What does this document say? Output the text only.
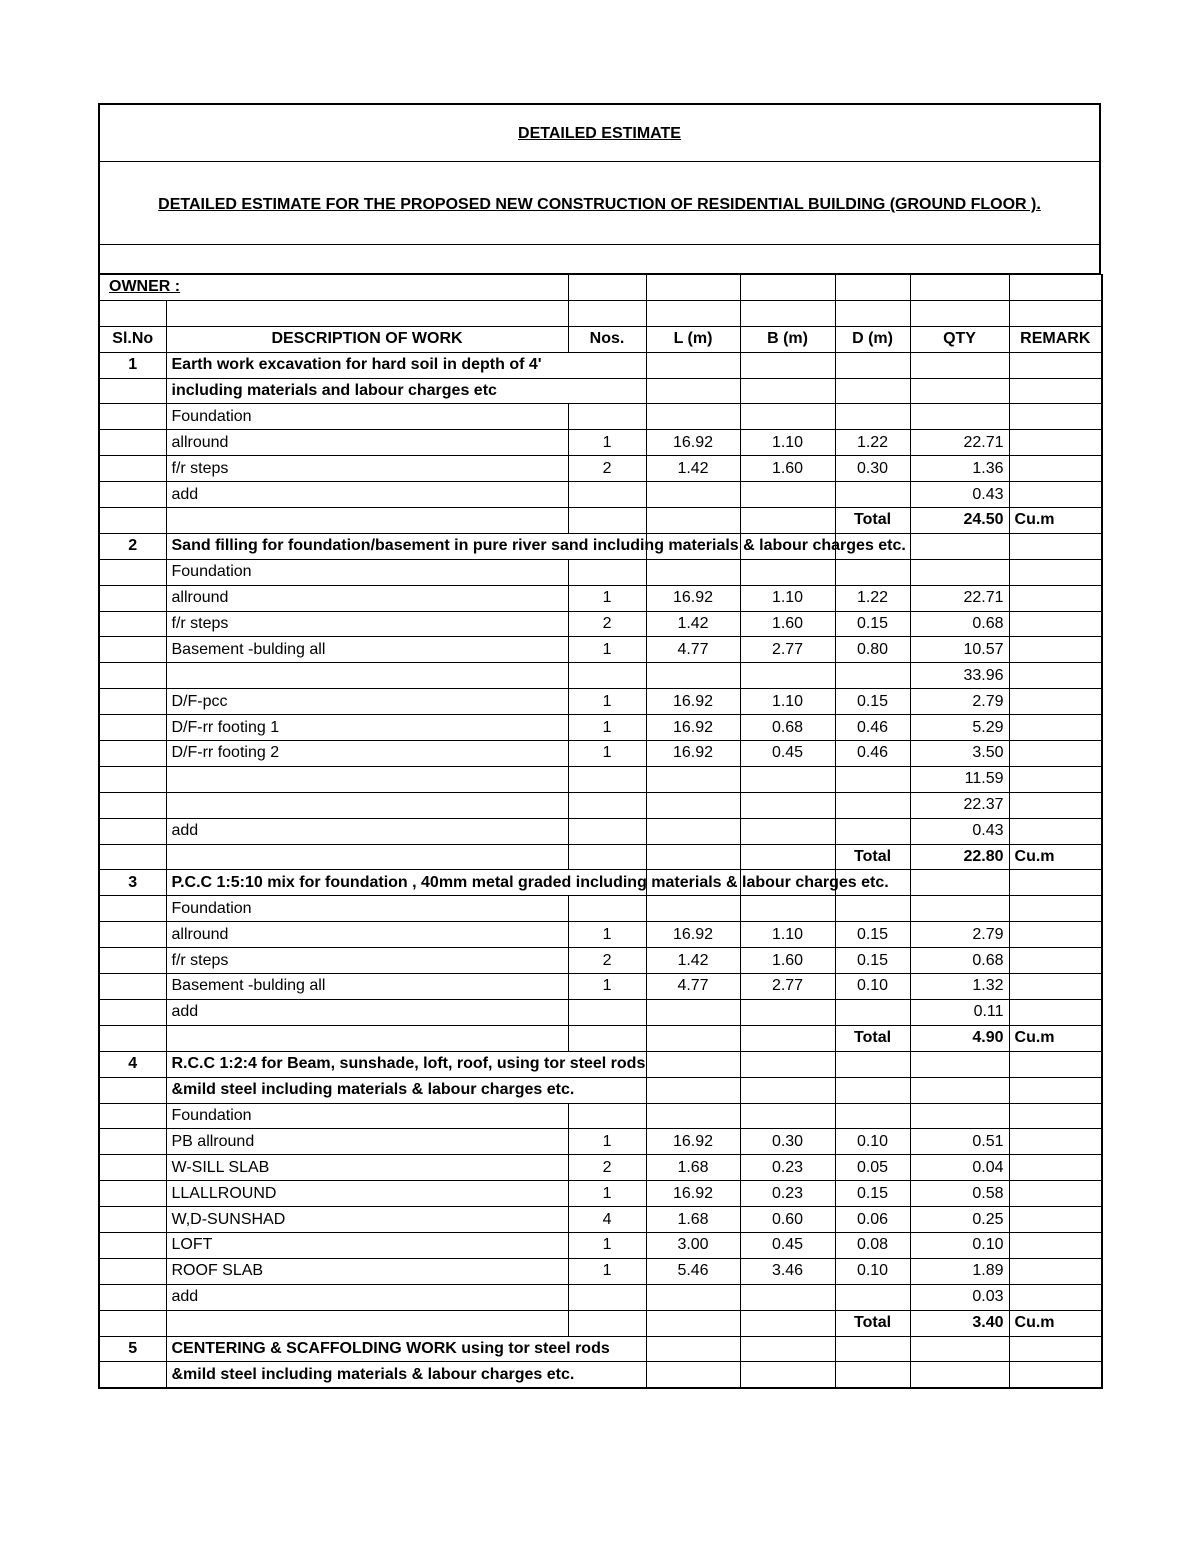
DETAILED ESTIMATE
DETAILED ESTIMATE FOR THE PROPOSED NEW CONSTRUCTION OF RESIDENTIAL BUILDING (GROUND FLOOR ).
OWNER :							

Sl.No	DESCRIPTION OF WORK	Nos.	L (m)	B (m)	D (m)	QTY	REMARK
1	Earth work excavation for hard soil in depth of 4'						
	including materials and labour charges etc						
	Foundation						
	allround	1	16.92	1.10	1.22	22.71	
	f/r steps	2	1.42	1.60	0.30	1.36	
	add					0.43	
					Total	24.50	Cu.m
2	Sand filling for foundation/basement in pure river sand including materials & labour charges etc.						
	Foundation						
	allround	1	16.92	1.10	1.22	22.71	
	f/r steps	2	1.42	1.60	0.15	0.68	
	Basement -bulding all	1	4.77	2.77	0.80	10.57	
						33.96	
	D/F-pcc	1	16.92	1.10	0.15	2.79	
	D/F-rr footing 1	1	16.92	0.68	0.46	5.29	
	D/F-rr footing 2	1	16.92	0.45	0.46	3.50	
						11.59	
						22.37	
	add					0.43	
					Total	22.80	Cu.m
3	P.C.C 1:5:10 mix for foundation , 40mm metal graded including materials & labour charges etc.						
	Foundation						
	allround	1	16.92	1.10	0.15	2.79	
	f/r steps	2	1.42	1.60	0.15	0.68	
	Basement -bulding all	1	4.77	2.77	0.10	1.32	
	add					0.11	
					Total	4.90	Cu.m
4	R.C.C 1:2:4 for Beam, sunshade, loft, roof, using tor steel rods						
	&mild steel including materials & labour charges etc.						
	Foundation						
	PB allround	1	16.92	0.30	0.10	0.51	
	W-SILL SLAB	2	1.68	0.23	0.05	0.04	
	LLALLROUND	1	16.92	0.23	0.15	0.58	
	W,D-SUNSHAD	4	1.68	0.60	0.06	0.25	
	LOFT	1	3.00	0.45	0.08	0.10	
	ROOF SLAB	1	5.46	3.46	0.10	1.89	
	add					0.03	
					Total	3.40	Cu.m
5	CENTERING & SCAFFOLDING WORK using tor steel rods						
	&mild steel including materials & labour charges etc.						
